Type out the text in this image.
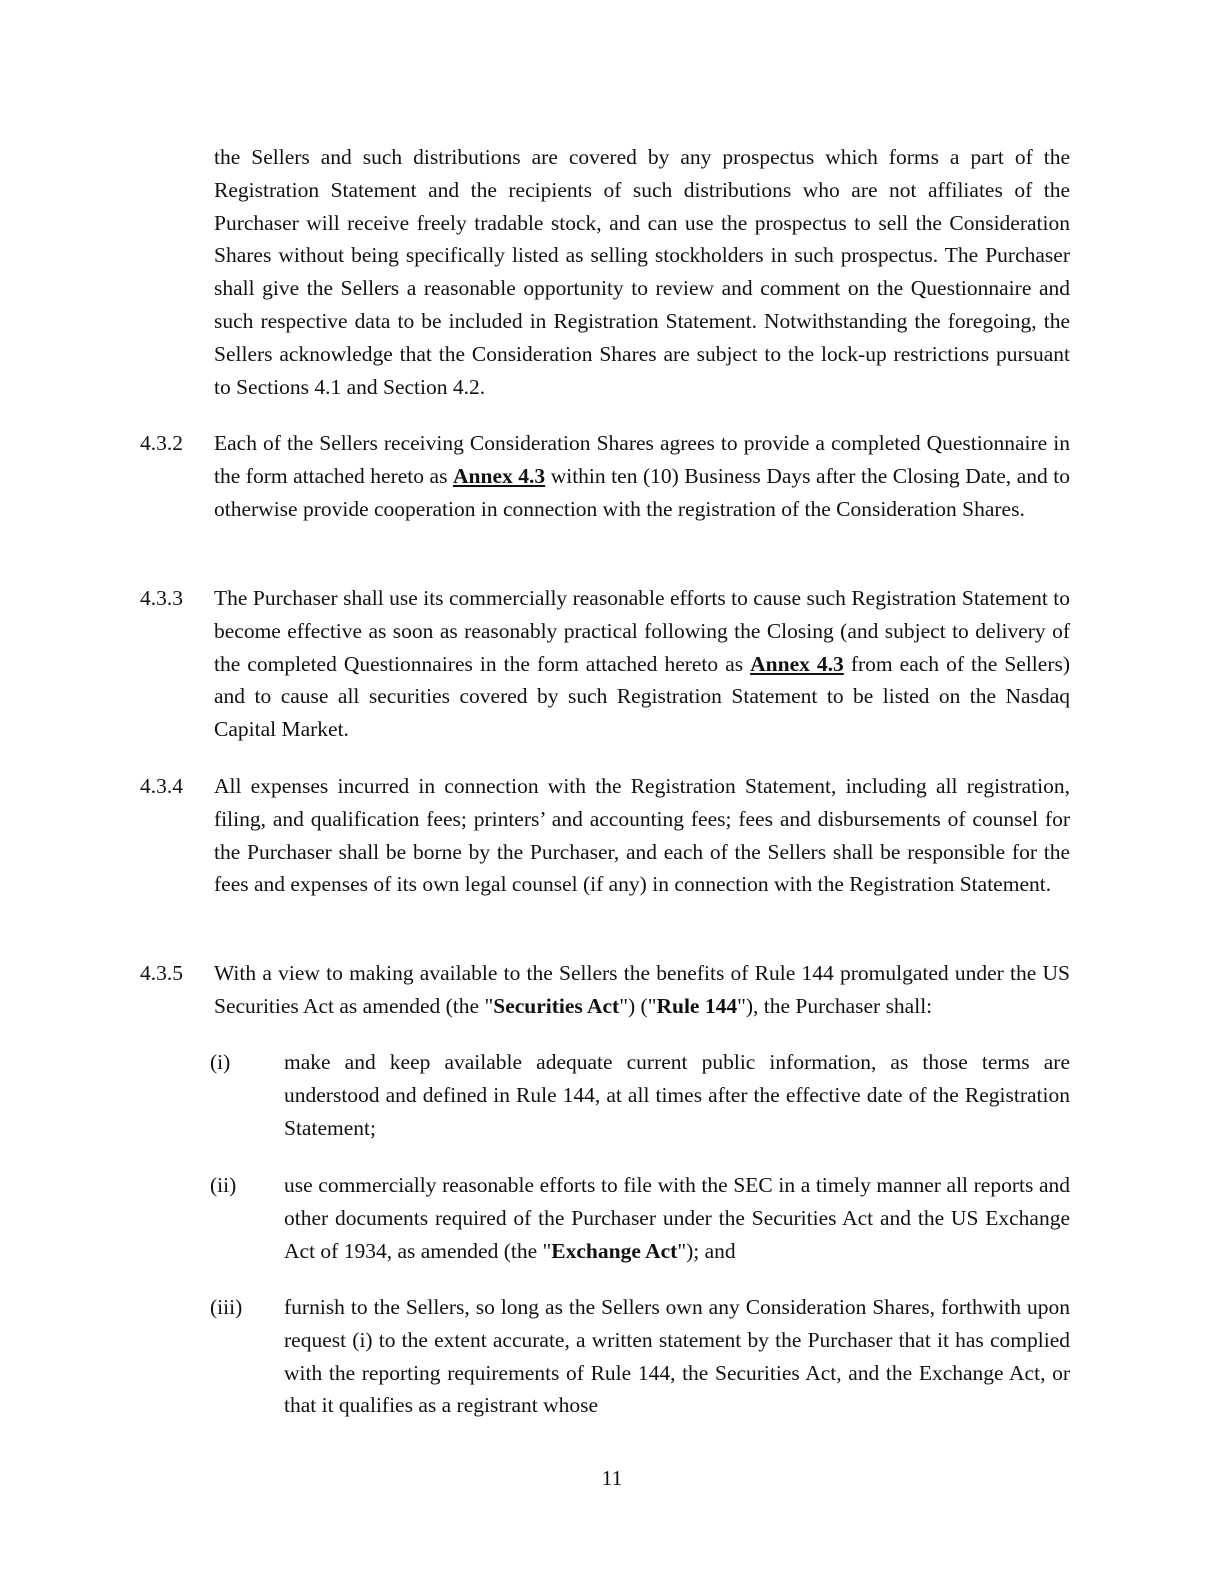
the Sellers and such distributions are covered by any prospectus which forms a part of the Registration Statement and the recipients of such distributions who are not affiliates of the Purchaser will receive freely tradable stock, and can use the prospectus to sell the Consideration Shares without being specifically listed as selling stockholders in such prospectus. The Purchaser shall give the Sellers a reasonable opportunity to review and comment on the Questionnaire and such respective data to be included in Registration Statement. Notwithstanding the foregoing, the Sellers acknowledge that the Consideration Shares are subject to the lock-up restrictions pursuant to Sections 4.1 and Section 4.2.

4.3.2 Each of the Sellers receiving Consideration Shares agrees to provide a completed Questionnaire in the form attached hereto as Annex 4.3 within ten (10) Business Days after the Closing Date, and to otherwise provide cooperation in connection with the registration of the Consideration Shares.
4.3.3 The Purchaser shall use its commercially reasonable efforts to cause such Registration Statement to become effective as soon as reasonably practical following the Closing (and subject to delivery of the completed Questionnaires in the form attached hereto as Annex 4.3 from each of the Sellers) and to cause all securities covered by such Registration Statement to be listed on the Nasdaq Capital Market.
4.3.4 All expenses incurred in connection with the Registration Statement, including all registration, filing, and qualification fees; printers’ and accounting fees; fees and disbursements of counsel for the Purchaser shall be borne by the Purchaser, and each of the Sellers shall be responsible for the fees and expenses of its own legal counsel (if any) in connection with the Registration Statement.
4.3.5 With a view to making available to the Sellers the benefits of Rule 144 promulgated under the US Securities Act as amended (the "Securities Act") ("Rule 144"), the Purchaser shall:
(i) make and keep available adequate current public information, as those terms are understood and defined in Rule 144, at all times after the effective date of the Registration Statement;
(ii) use commercially reasonable efforts to file with the SEC in a timely manner all reports and other documents required of the Purchaser under the Securities Act and the US Exchange Act of 1934, as amended (the "Exchange Act"); and
(iii) furnish to the Sellers, so long as the Sellers own any Consideration Shares, forthwith upon request (i) to the extent accurate, a written statement by the Purchaser that it has complied with the reporting requirements of Rule 144, the Securities Act, and the Exchange Act, or that it qualifies as a registrant whose
11
